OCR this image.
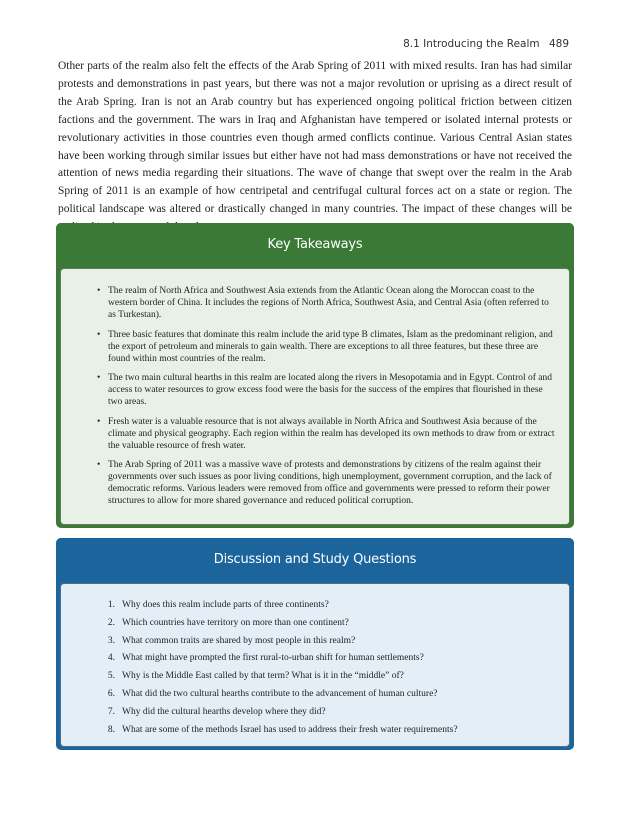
8.1 Introducing the Realm 489

Other parts of the realm also felt the effects of the Arab Spring of 2011 with mixed results. Iran has had similar protests and demonstrations in past years, but there was not a major revolution or uprising as a direct result of the Arab Spring. Iran is not an Arab country but has experienced ongoing political friction between citizen factions and the government. The wars in Iraq and Afghanistan have tempered or isolated internal protests or revolutionary activities in those countries even though armed conflicts continue. Various Central Asian states have been working through similar issues but either have not had mass demonstrations or have not received the attention of news media regarding their situations. The wave of change that swept over the realm in the Arab Spring of 2011 is an example of how centripetal and centrifugal cultural forces act on a state or region. The political landscape was altered or drastically changed in many countries. The impact of these changes will be

Key Takeaways
• The realm of North Africa and Southwest Asia extends from the Atlantic Ocean along the Moroccan coast to the western border of China. It includes the regions of North Africa, Southwest Asia, and Central Asia (often referred to as Turkestan).
• Three basic features that dominate this realm include the arid type B climates, Islam as the predominant religion, and the export of petroleum and minerals to gain wealth. There are exceptions to all three features, but these three are found within most countries of the realm.
• The two main cultural hearths in this realm are located along the rivers in Mesopotamia and in Egypt. Control of and access to water resources to grow excess food were the basis for the success of the empires that flourished in these two areas.
• Fresh water is a valuable resource that is not always available in North Africa and Southwest Asia because of the climate and physical geography. Each region within the realm has developed its own methods to draw from or extract the valuable resource of fresh water.
• The Arab Spring of 2011 was a massive wave of protests and demonstrations by citizens of the realm against their governments over such issues as poor living conditions, high unemployment, government corruption, and the lack of democratic reforms. Various leaders were removed from office and governments were pressed to reform their power structures to allow for more shared governance and reduced political corruption.
Discussion and Study Questions
1. Why does this realm include parts of three continents?
2. Which countries have territory on more than one continent?
3. What common traits are shared by most people in this realm?
4. What might have prompted the first rural-to-urban shift for human settlements?
5. Why is the Middle East called by that term? What is it in the “middle” of?
6. What did the two cultural hearths contribute to the advancement of human culture?
7. Why did the cultural hearths develop where they did?
8. What are some of the methods Israel has used to address their fresh water requirements?
